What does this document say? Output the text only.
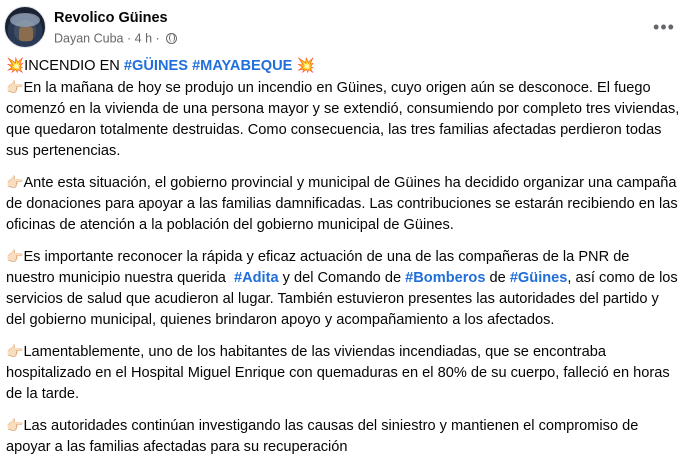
Revolico Güines
Dayan Cuba · 4 h ·
•••

💥INCENDIO EN #GÜINES #MAYABEQUE 💥

👉🏻En la mañana de hoy se produjo un incendio en Güines, cuyo origen aún se desconoce. El fuego comenzó en la vivienda de una persona mayor y se extendió, consumiendo por completo tres viviendas, que quedaron totalmente destruidas. Como consecuencia, las tres familias afectadas perdieron todas sus pertenencias.

👉🏻Ante esta situación, el gobierno provincial y municipal de Güines ha decidido organizar una campaña de donaciones para apoyar a las familias damnificadas. Las contribuciones se estarán recibiendo en las oficinas de atención a la población del gobierno municipal de Güines.

👉🏻Es importante reconocer la rápida y eficaz actuación de una de las compañeras de la PNR de nuestro municipio nuestra querida #Adita y del Comando de #Bomberos de #Güines, así como de los servicios de salud que acudieron al lugar. También estuvieron presentes las autoridades del partido y del gobierno municipal, quienes brindaron apoyo y acompañamiento a los afectados.

👉🏻Lamentablemente, uno de los habitantes de las viviendas incendiadas, que se encontraba hospitalizado en el Hospital Miguel Enrique con quemaduras en el 80% de su cuerpo, falleció en horas de la tarde.

👉🏻Las autoridades continúan investigando las causas del siniestro y mantienen el compromiso de apoyar a las familias afectadas para su recuperación
